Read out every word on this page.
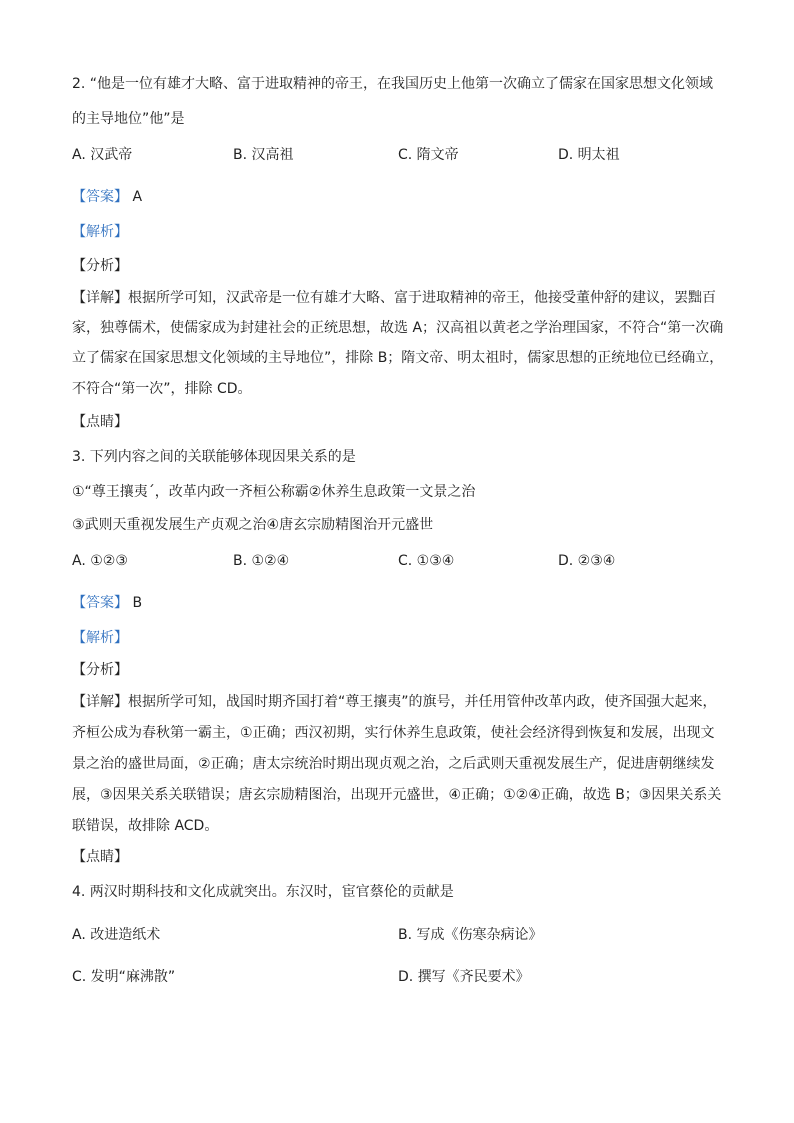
2. “他是一位有雄才大略、富于进取精神的帝王，在我国历史上他第一次确立了儒家在国家思想文化领域
的主导地位”他”是
A. 汉武帝	B. 汉高祖	C. 隋文帝	D. 明太祖
【答案】 A
【解析】
【分析】
【详解】根据所学可知，汉武帝是一位有雄才大略、富于进取精神的帝王，他接受董仲舒的建议，罢黜百
家，独尊儒术，使儒家成为封建社会的正统思想，故选 A；汉高祖以黄老之学治理国家，不符合“第一次确
立了儒家在国家思想文化领域的主导地位”，排除 B；隋文帝、明太祖时，儒家思想的正统地位已经确立，
不符合“第一次”，排除 CD。
【点睛】
3. 下列内容之间的关联能够体现因果关系的是
①“尊王攘夷ˊ，改革内政一齐桓公称霸②休养生息政策一文景之治
③武则天重视发展生产贞观之治④唐玄宗励精图治开元盛世
A. ①②③	B. ①②④	C. ①③④	D. ②③④
【答案】 B
【解析】
【分析】
【详解】根据所学可知，战国时期齐国打着“尊王攘夷”的旗号，并任用管仲改革内政，使齐国强大起来，
齐桓公成为春秋第一霸主，①正确；西汉初期，实行休养生息政策，使社会经济得到恢复和发展，出现文
景之治的盛世局面，②正确；唐太宗统治时期出现贞观之治，之后武则天重视发展生产，促进唐朝继续发
展，③因果关系关联错误；唐玄宗励精图治，出现开元盛世，④正确；①②④正确，故选 B；③因果关系关
联错误，故排除 ACD。
【点睛】
4. 两汉时期科技和文化成就突出。东汉时，宦官蔡伦的贡献是
A. 改进造纸术	B. 写成《伤寒杂病论》
C. 发明“麻沸散”	D. 撰写《齐民要术》
